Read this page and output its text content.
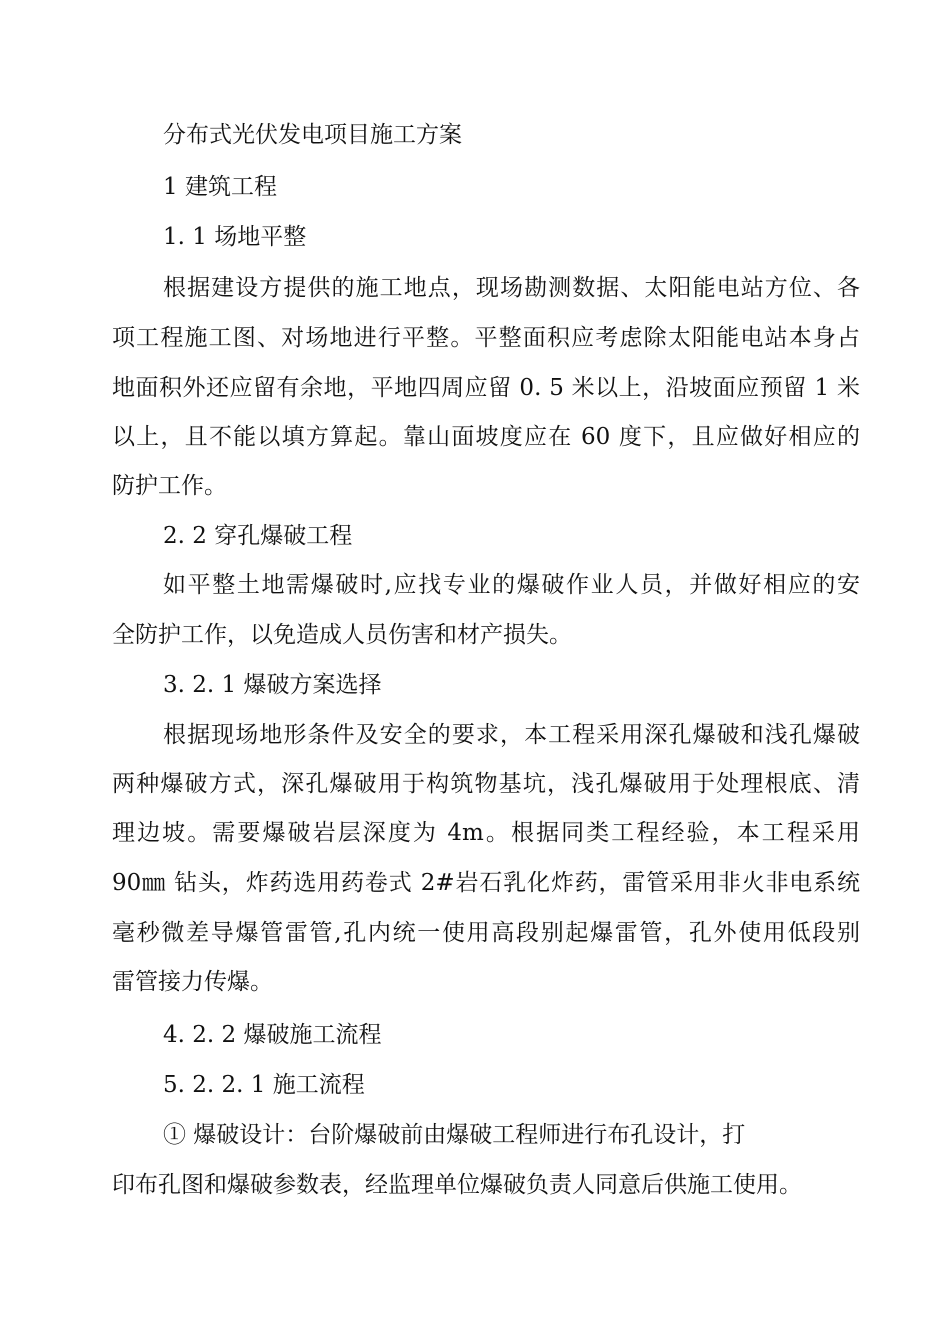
分布式光伏发电项目施工方案
1 建筑工程
1. 1 场地平整
根据建设方提供的施工地点，现场勘测数据、太阳能电站方位、各
项工程施工图、对场地进行平整。平整面积应考虑除太阳能电站本身占
地面积外还应留有余地，平地四周应留 0. 5 米以上，沿坡面应预留 1 米
以上，且不能以填方算起。靠山面坡度应在 60 度下，且应做好相应的
防护工作。
2. 2 穿孔爆破工程
如平整土地需爆破时,应找专业的爆破作业人员，并做好相应的安
全防护工作，以免造成人员伤害和材产损失。
3. 2. 1 爆破方案选择
根据现场地形条件及安全的要求，本工程采用深孔爆破和浅孔爆破
两种爆破方式，深孔爆破用于构筑物基坑，浅孔爆破用于处理根底、清
理边坡。需要爆破岩层深度为 4m。根据同类工程经验，本工程采用
90㎜ 钻头，炸药选用药卷式 2#岩石乳化炸药，雷管采用非火非电系统
毫秒微差导爆管雷管,孔内统一使用高段别起爆雷管，孔外使用低段别
雷管接力传爆。
4. 2. 2 爆破施工流程
5. 2. 2. 1 施工流程
① 爆破设计：台阶爆破前由爆破工程师进行布孔设计，打
印布孔图和爆破参数表，经监理单位爆破负责人同意后供施工使用。
